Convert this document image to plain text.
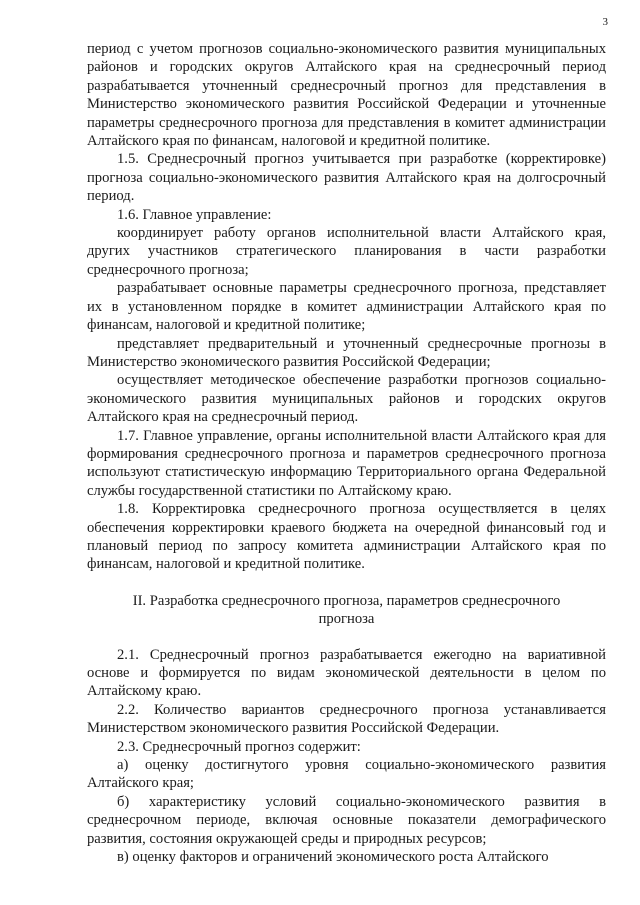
3

период с учетом прогнозов социально-экономического развития муниципальных районов и городских округов Алтайского края на среднесрочный период разрабатывается уточненный среднесрочный прогноз для представления в Министерство экономического развития Российской Федерации и уточненные параметры среднесрочного прогноза для представления в комитет администрации Алтайского края по финансам, налоговой и кредитной политике.

1.5. Среднесрочный прогноз учитывается при разработке (корректировке) прогноза социально-экономического развития Алтайского края на долгосрочный период.

1.6. Главное управление:

координирует работу органов исполнительной власти Алтайского края, других участников стратегического планирования в части разработки среднесрочного прогноза;

разрабатывает основные параметры среднесрочного прогноза, представляет их в установленном порядке в комитет администрации Алтайского края по финансам, налоговой и кредитной политике;

представляет предварительный и уточненный среднесрочные прогнозы в Министерство экономического развития Российской Федерации;

осуществляет методическое обеспечение разработки прогнозов социально-экономического развития муниципальных районов и городских округов Алтайского края на среднесрочный период.

1.7. Главное управление, органы исполнительной власти Алтайского края для формирования среднесрочного прогноза и параметров среднесрочного прогноза используют статистическую информацию Территориального органа Федеральной службы государственной статистики по Алтайскому краю.

1.8. Корректировка среднесрочного прогноза осуществляется в целях обеспечения корректировки краевого бюджета на очередной финансовый год и плановый период по запросу комитета администрации Алтайского края по финансам, налоговой и кредитной политике.

II. Разработка среднесрочного прогноза, параметров среднесрочного прогноза

2.1. Среднесрочный прогноз разрабатывается ежегодно на вариативной основе и формируется по видам экономической деятельности в целом по Алтайскому краю.

2.2. Количество вариантов среднесрочного прогноза устанавливается Министерством экономического развития Российской Федерации.

2.3. Среднесрочный прогноз содержит:

а) оценку достигнутого уровня социально-экономического развития Алтайского края;

б) характеристику условий социально-экономического развития в среднесрочном периоде, включая основные показатели демографического развития, состояния окружающей среды и природных ресурсов;

в) оценку факторов и ограничений экономического роста Алтайского
